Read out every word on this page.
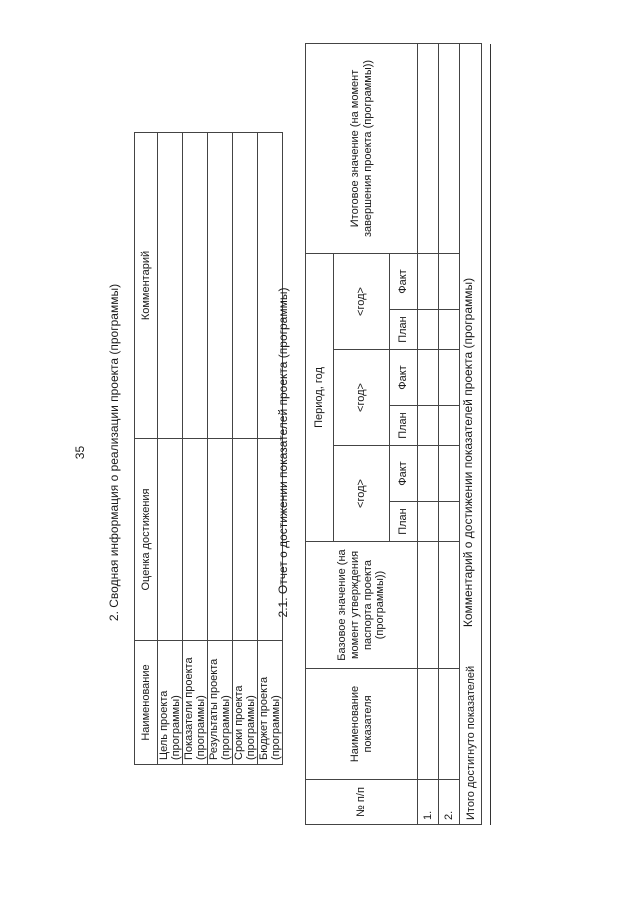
35 2. Сводная информация о реализации проекта (программы)
Наименование	Оценка достижения	Комментарий
Цель проекта (программы)		
Показатели проекта (программы)		
Результаты проекта (программы)		
Сроки проекта (программы)		
Бюджет проекта (программы)		
2.1. Отчет о достижении показателей проекта (программы)
№ п/п	Наименование показателя	Базовое значение (на момент утверждения паспорта проекта (программы))	Период, год						Итоговое значение (на момент завершения проекта (программы))
			<год>		<год>		<год>		
			План	Факт	План	Факт	План	Факт	
1.									
2.									
Итого достигнуто показателей									
Комментарий о достижении показателей проекта (программы)
